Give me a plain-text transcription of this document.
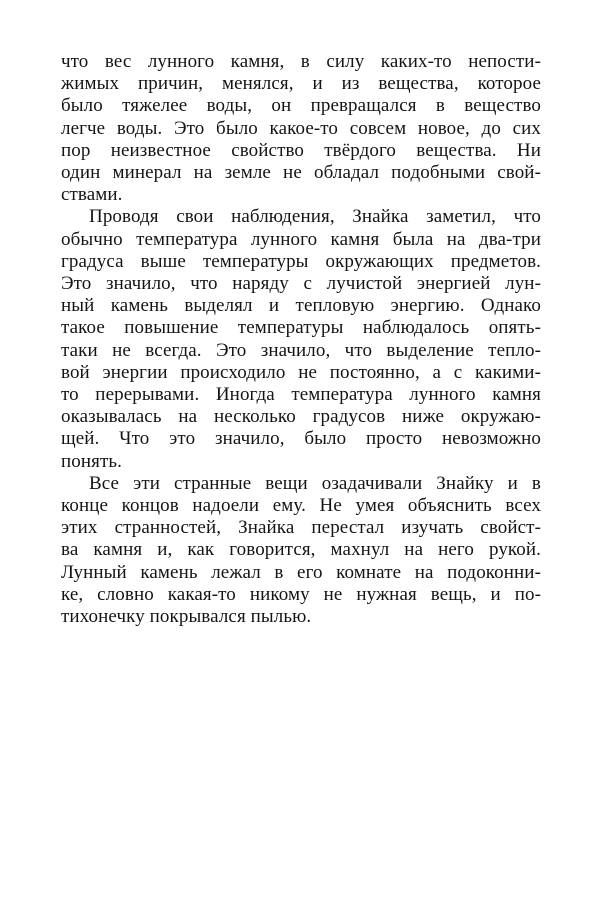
что вес лунного камня, в силу каких-то непости-
жимых причин, менялся, и из вещества, которое
было тяжелее воды, он превращался в вещество
легче воды. Это было какое-то совсем новое, до сих
пор неизвестное свойство твёрдого вещества. Ни
один минерал на земле не обладал подобными свой-
ствами.
Проводя свои наблюдения, Знайка заметил, что
обычно температура лунного камня была на два-три
градуса выше температуры окружающих предметов.
Это значило, что наряду с лучистой энергией лун-
ный камень выделял и тепловую энергию. Однако
такое повышение температуры наблюдалось опять-
таки не всегда. Это значило, что выделение тепло-
вой энергии происходило не постоянно, а с какими-
то перерывами. Иногда температура лунного камня
оказывалась на несколько градусов ниже окружаю-
щей. Что это значило, было просто невозможно
понять.
Все эти странные вещи озадачивали Знайку и в
конце концов надоели ему. Не умея объяснить всех
этих странностей, Знайка перестал изучать свойст-
ва камня и, как говорится, махнул на него рукой.
Лунный камень лежал в его комнате на подоконни-
ке, словно какая-то никому не нужная вещь, и по-
тихонечку покрывался пылью.
